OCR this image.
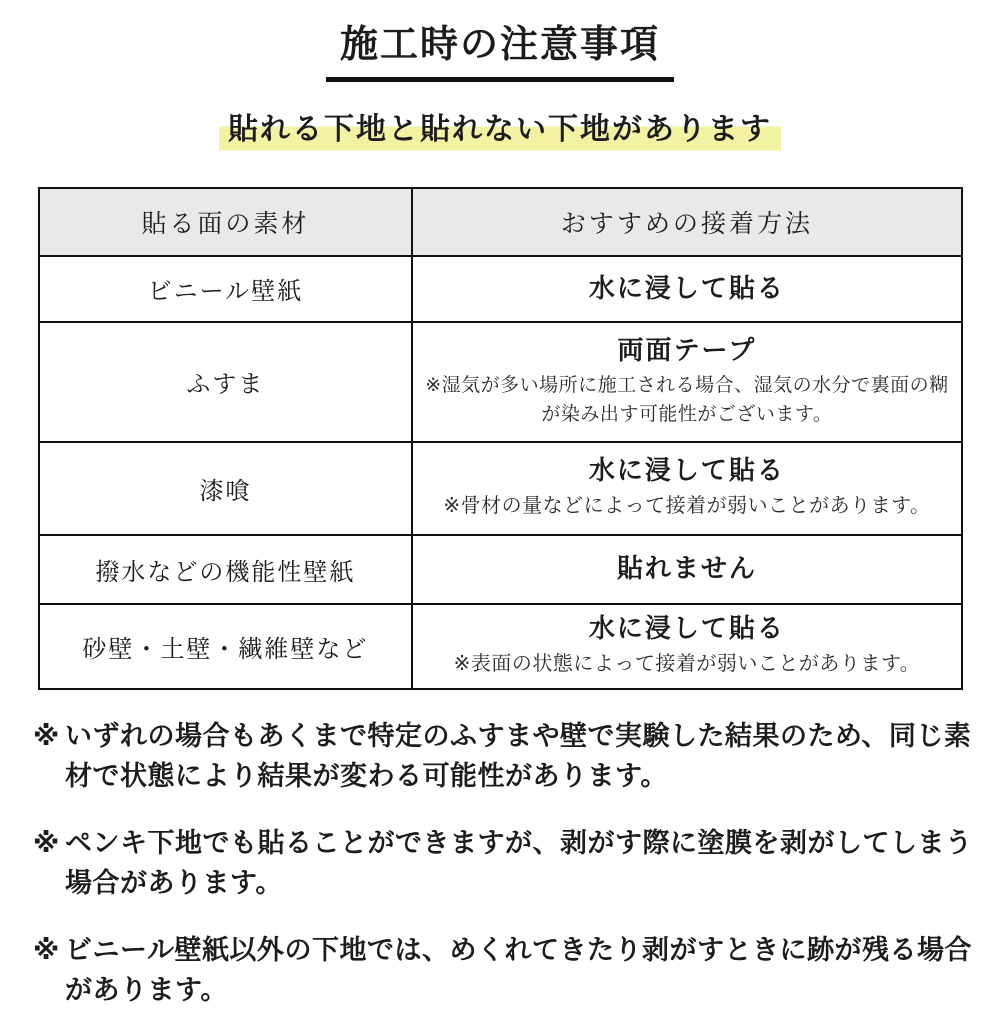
施工時の注意事項
貼れる下地と貼れない下地があります
貼る面の素材	おすすめの接着方法

ビニール壁紙	水に浸して貼る

ふすま	両面テープ
※湿気が多い場所に施工される場合、湿気の水分で裏面の糊が染み出す可能性がございます。

漆喰	水に浸して貼る
※骨材の量などによって接着が弱いことがあります。

撥水などの機能性壁紙	貼れません

砂壁・土壁・繊維壁など	水に浸して貼る
※表面の状態によって接着が弱いことがあります。
※ いずれの場合もあくまで特定のふすまや壁で実験した結果のため、同じ素材で状態により結果が変わる可能性があります。
※ ペンキ下地でも貼ることができますが、剥がす際に塗膜を剥がしてしまう場合があります。
※ ビニール壁紙以外の下地では、めくれてきたり剥がすときに跡が残る場合があります。
